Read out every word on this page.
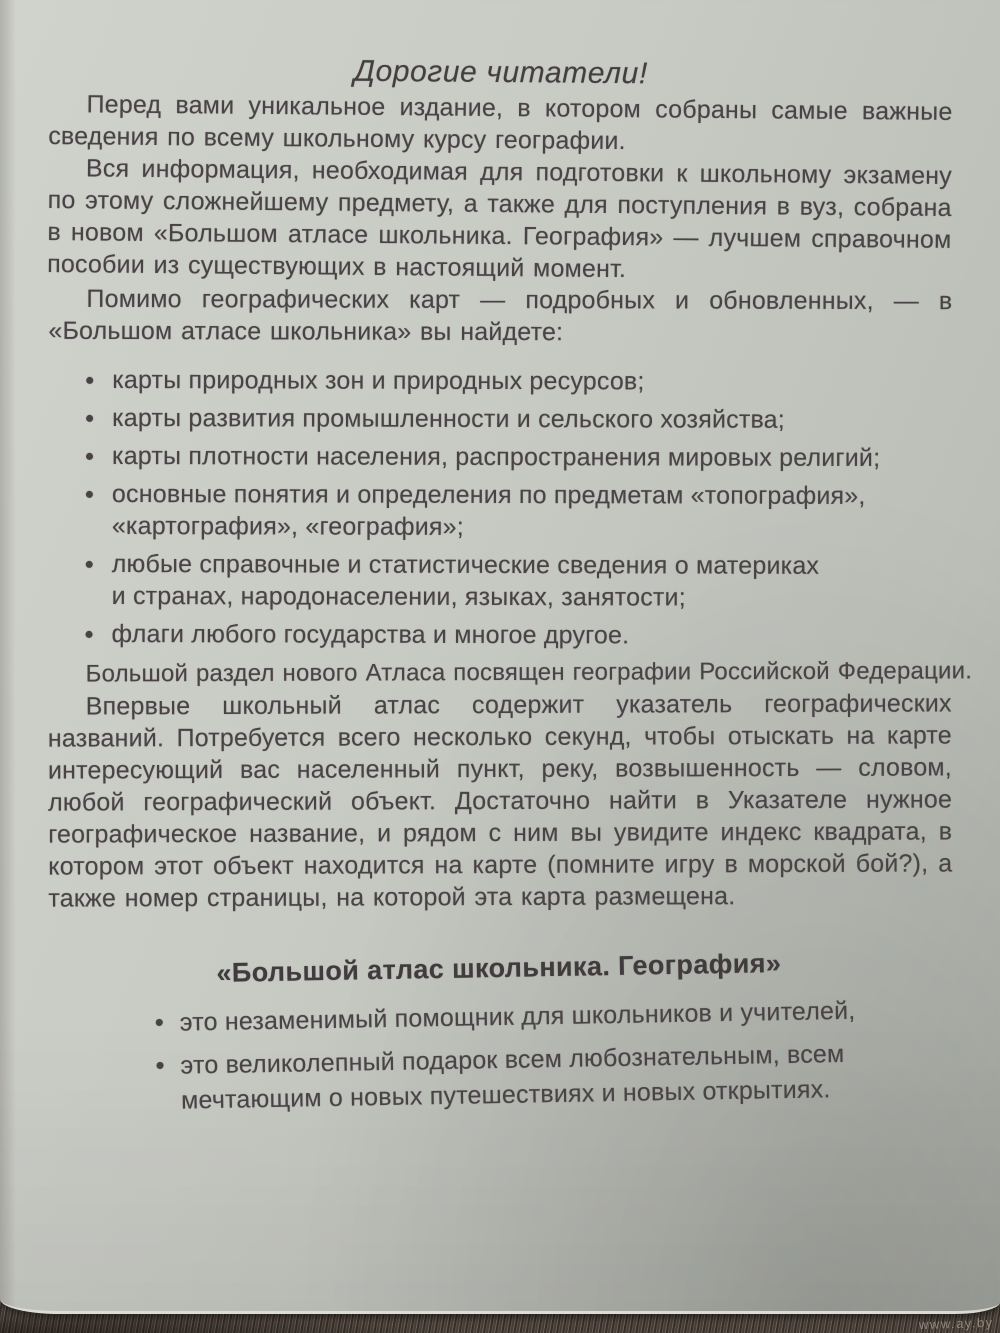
www.ay.by
Дорогие читатели!

Перед вами уникальное издание, в котором собраны самые важные сведения по всему школьному курсу географии.

Вся информация, необходимая для подготовки к школьному экзамену по этому сложнейшему предмету, а также для поступления в вуз, собрана в новом «Большом атласе школьника. География» — лучшем справочном пособии из существующих в настоящий момент.

Помимо географических карт — подробных и обновленных, — в «Большом атласе школьника» вы найдете:

карты природных зон и природных ресурсов;
карты развития промышленности и сельского хозяйства;
карты плотности населения, распространения мировых религий;
основные понятия и определения по предметам «топография»,
«картография», «география»;
любые справочные и статистические сведения о материках
и странах, народонаселении, языках, занятости;
флаги любого государства и многое другое.

Большой раздел нового Атласа посвящен географии Российской Федерации.

Впервые школьный атлас содержит указатель географических названий. Потребуется всего несколько секунд, чтобы отыскать на карте интересующий вас населенный пункт, реку, возвышенность — словом, любой географический объект. Достаточно найти в Указателе нужное географическое название, и рядом с ним вы увидите индекс квадрата, в котором этот объект находится на карте (помните игру в морской бой?), а также номер страницы, на которой эта карта размещена.

«Большой атлас школьника. География»
это незаменимый помощник для школьников и учителей,
это великолепный подарок всем любознательным, всем
мечтающим о новых путешествиях и новых открытиях.
